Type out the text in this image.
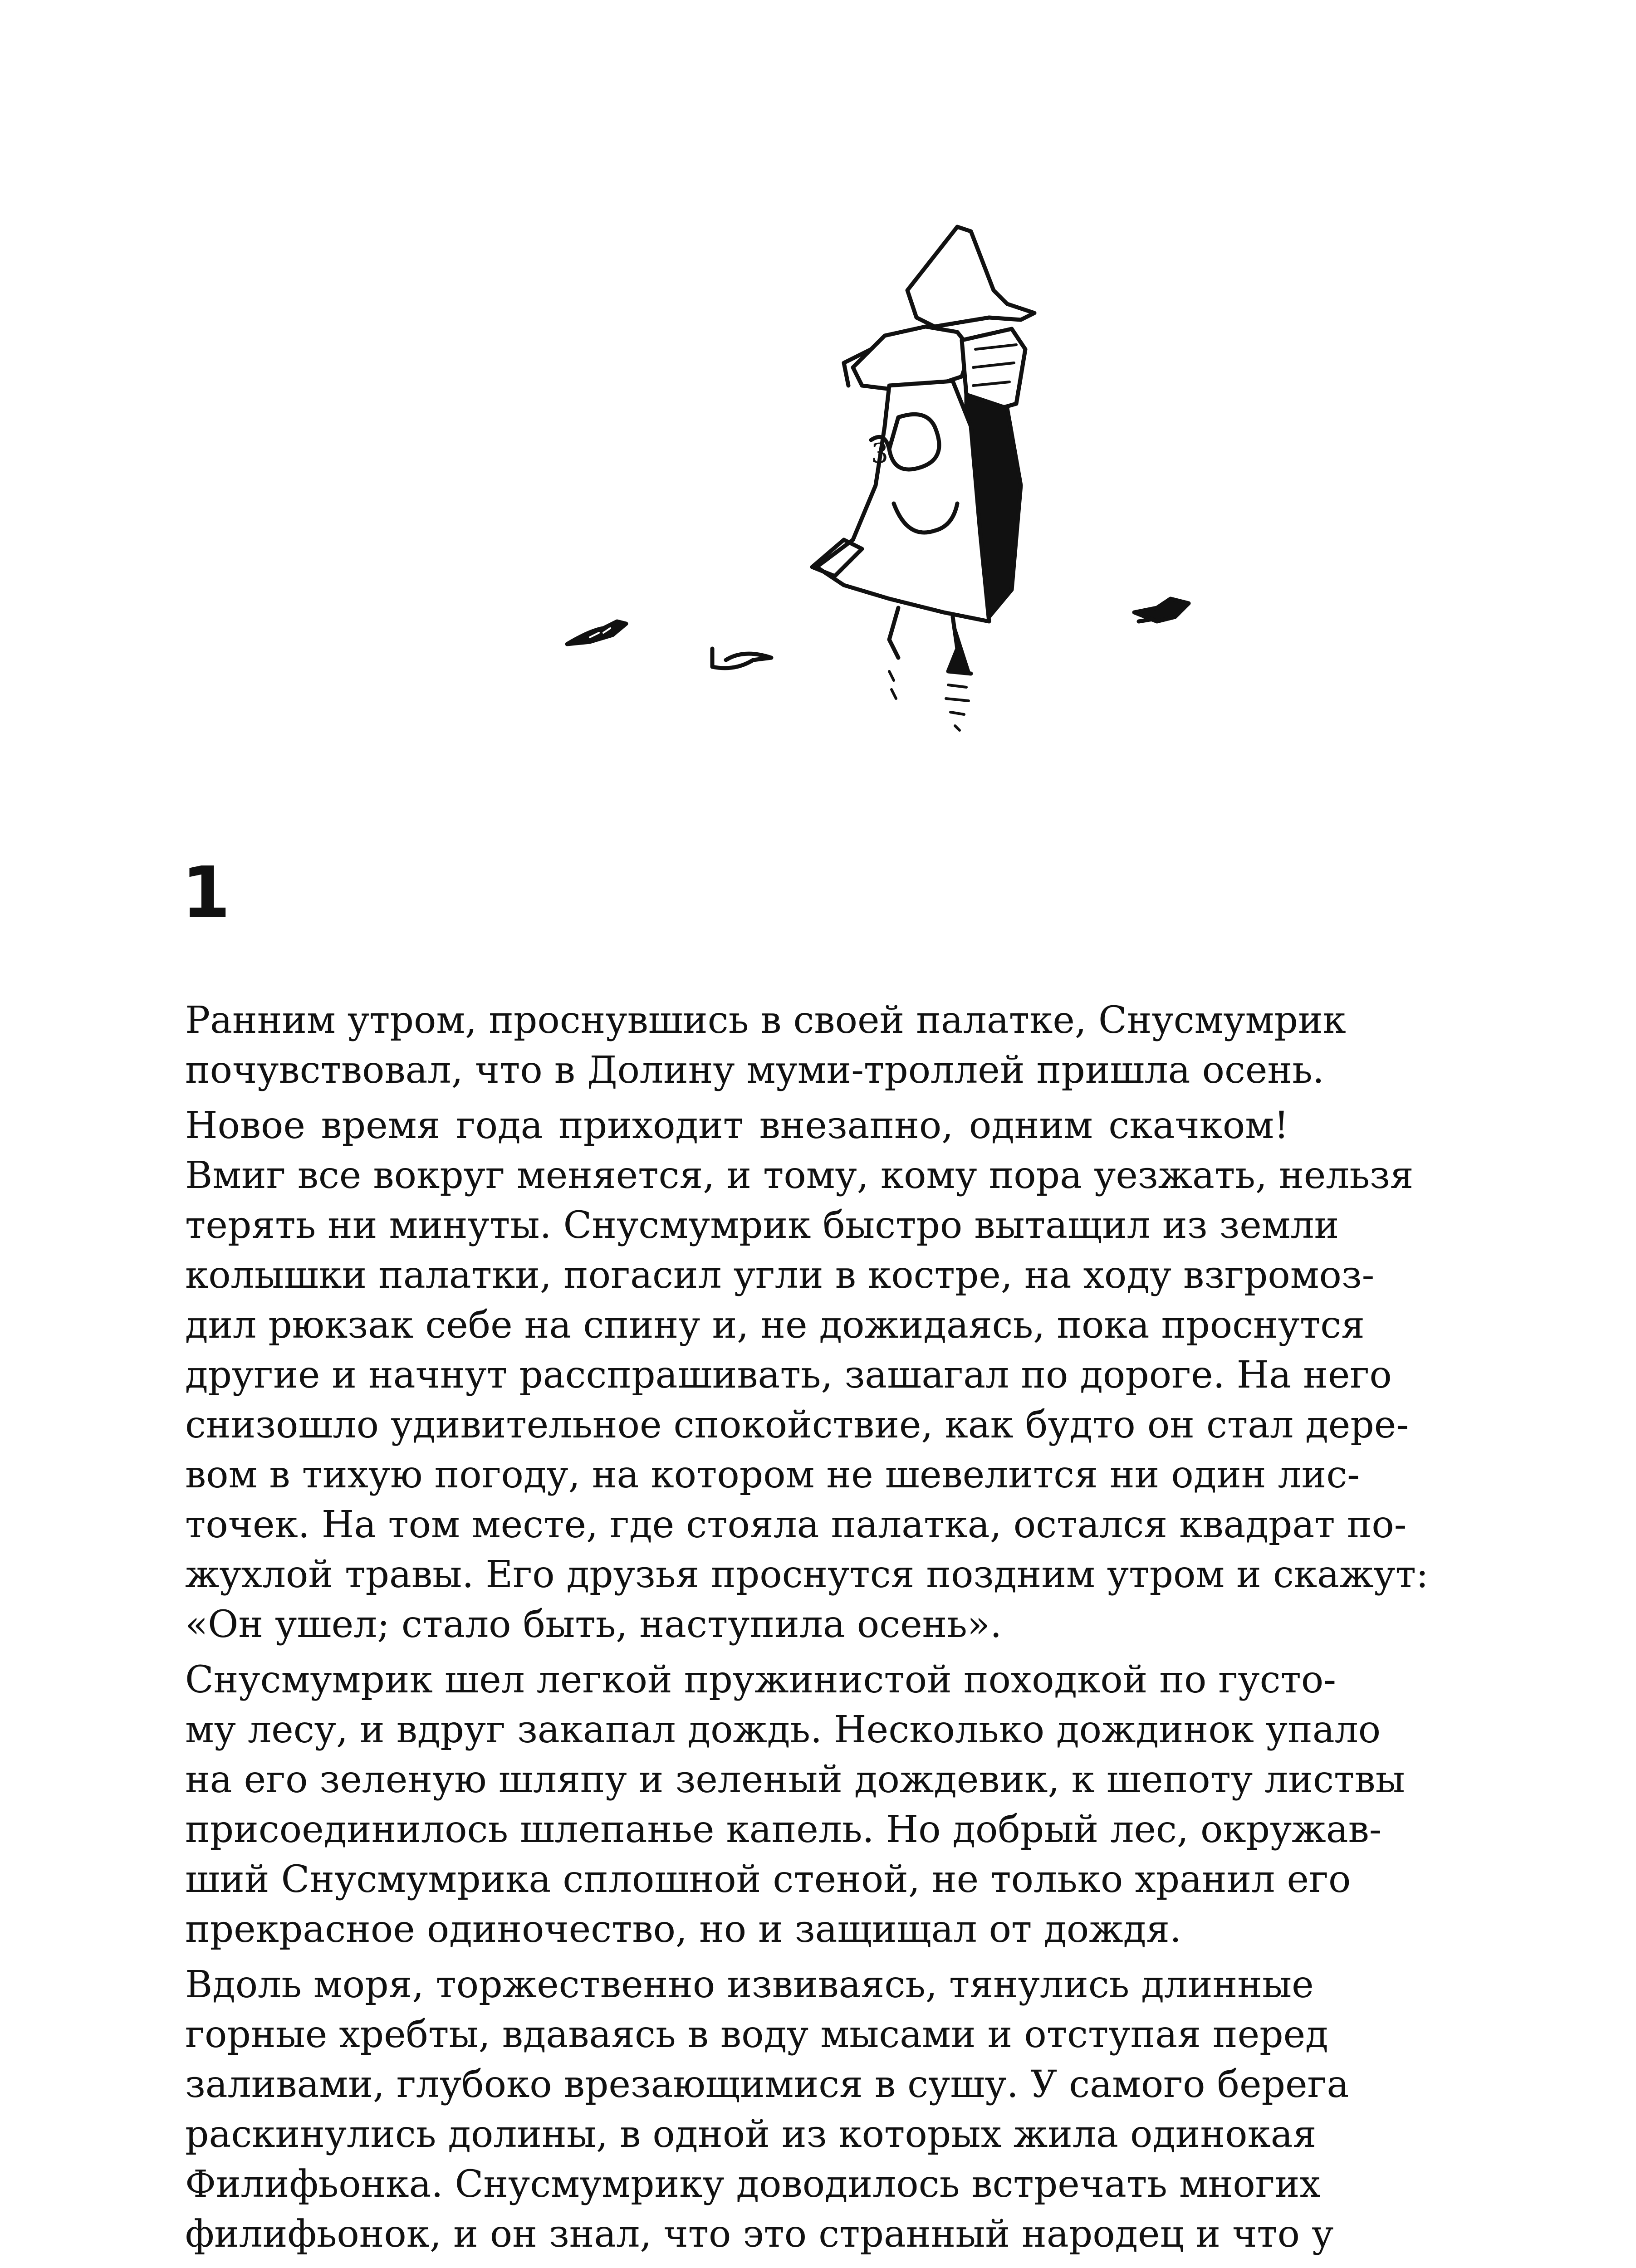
3
1

Ранним утром, проснувшись в своей палатке, Снусмумрик
почувствовал, что в Долину муми-троллей пришла осень.

Новое время года приходит внезапно, одним скачком!
Вмиг все вокруг меняется, и тому, кому пора уезжать, нельзя
терять ни минуты. Снусмумрик быстро вытащил из земли
колышки палатки, погасил угли в костре, на ходу взгромоз-
дил рюкзак себе на спину и, не дожидаясь, пока проснутся
другие и начнут расспрашивать, зашагал по дороге. На него
снизошло удивительное спокойствие, как будто он стал дере-
вом в тихую погоду, на котором не шевелится ни один лис-
точек. На том месте, где стояла палатка, остался квадрат по-
жухлой травы. Его друзья проснутся поздним утром и скажут:
«Он ушел; стало быть, наступила осень».

Снусмумрик шел легкой пружинистой походкой по густо-
му лесу, и вдруг закапал дождь. Несколько дождинок упало
на его зеленую шляпу и зеленый дождевик, к шепоту листвы
присоединилось шлепанье капель. Но добрый лес, окружав-
ший Снусмумрика сплошной стеной, не только хранил его
прекрасное одиночество, но и защищал от дождя.

Вдоль моря, торжественно извиваясь, тянулись длинные
горные хребты, вдаваясь в воду мысами и отступая перед
заливами, глубоко врезающимися в сушу. У самого берега
раскинулись долины, в одной из которых жила одинокая
Филифьонка. Снусмумрику доводилось встречать многих
филифьонок, и он знал, что это странный народец и что у
